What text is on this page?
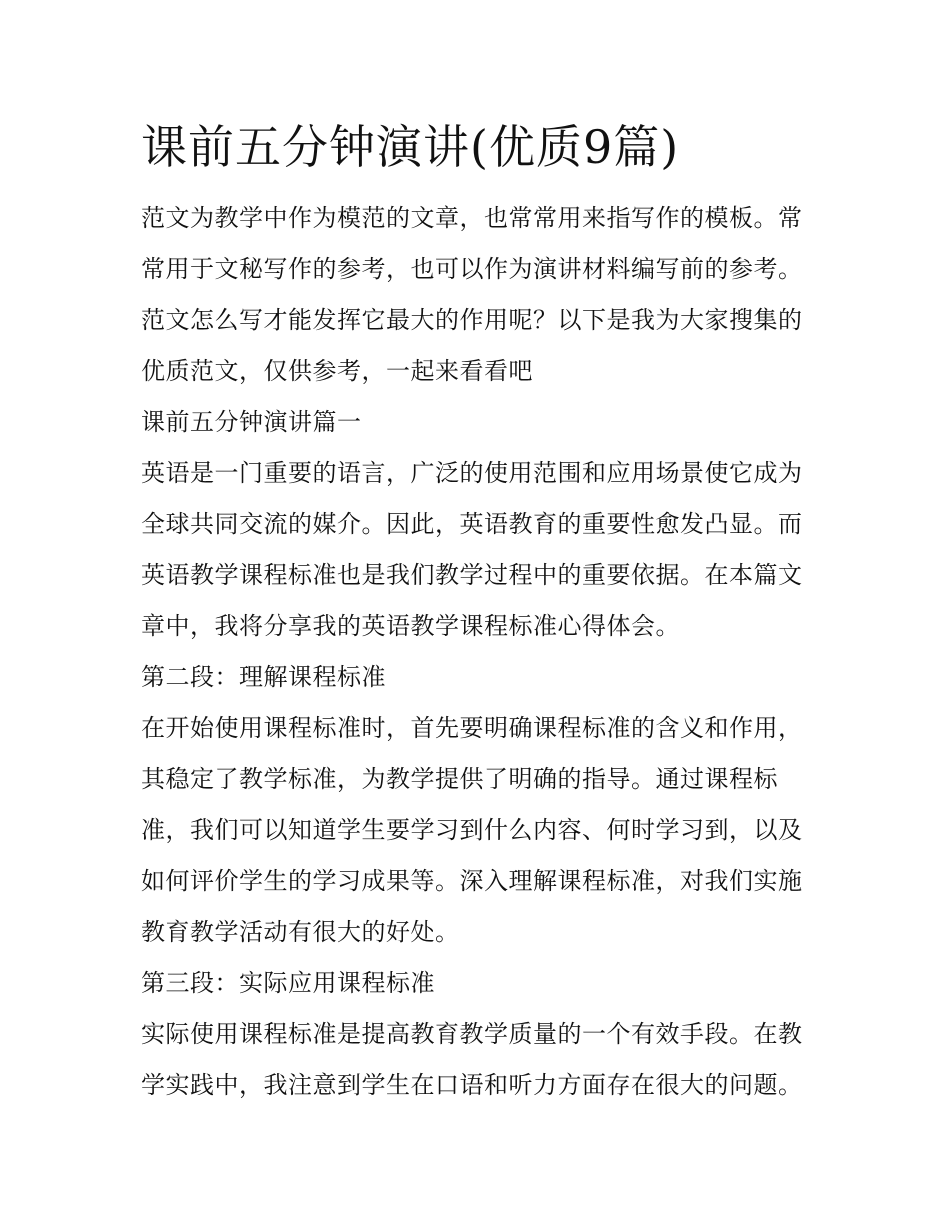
课前五分钟演讲(优质9篇)

范文为教学中作为模范的文章，也常常用来指写作的模板。常常用于文秘写作的参考，也可以作为演讲材料编写前的参考。范文怎么写才能发挥它最大的作用呢？以下是我为大家搜集的优质范文，仅供参考，一起来看看吧

课前五分钟演讲篇一

英语是一门重要的语言，广泛的使用范围和应用场景使它成为全球共同交流的媒介。因此，英语教育的重要性愈发凸显。而英语教学课程标准也是我们教学过程中的重要依据。在本篇文章中，我将分享我的英语教学课程标准心得体会。

第二段：理解课程标准

在开始使用课程标准时，首先要明确课程标准的含义和作用，其稳定了教学标准，为教学提供了明确的指导。通过课程标准，我们可以知道学生要学习到什么内容、何时学习到，以及如何评价学生的学习成果等。深入理解课程标准，对我们实施教育教学活动有很大的好处。

第三段：实际应用课程标准

实际使用课程标准是提高教育教学质量的一个有效手段。在教学实践中，我注意到学生在口语和听力方面存在很大的问题。
